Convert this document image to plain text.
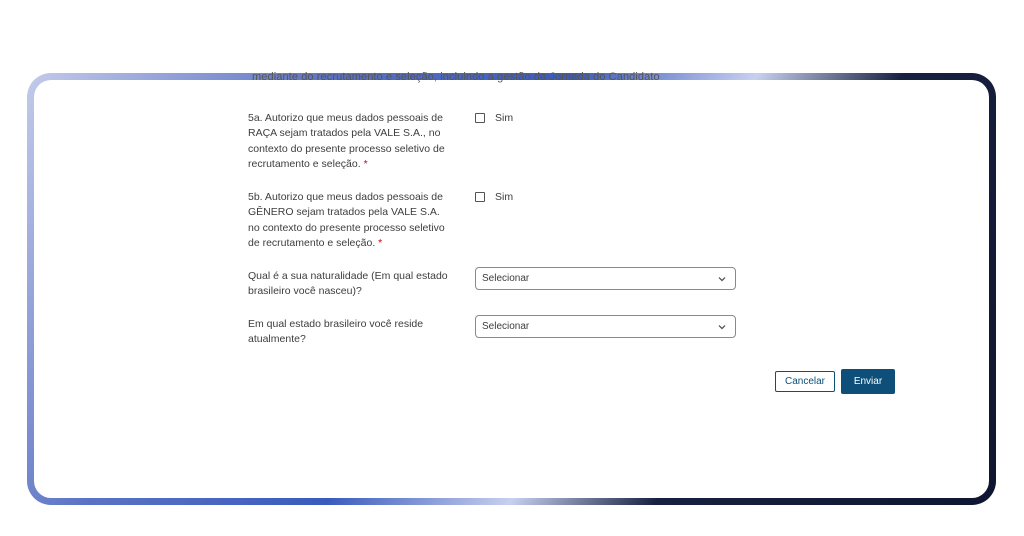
mediante do recrutamento e seleção, incluindo a gestão da Jornada do Candidato
5a. Autorizo que meus dados pessoais de RAÇA sejam tratados pela VALE S.A., no contexto do presente processo seletivo de recrutamento e seleção. *
Sim
5b. Autorizo que meus dados pessoais de GÊNERO sejam tratados pela VALE S.A. no contexto do presente processo seletivo de recrutamento e seleção. *
Sim
Qual é a sua naturalidade (Em qual estado brasileiro você nasceu)?
Selecionar
Em qual estado brasileiro você reside atualmente?
Selecionar
Cancelar	Enviar
